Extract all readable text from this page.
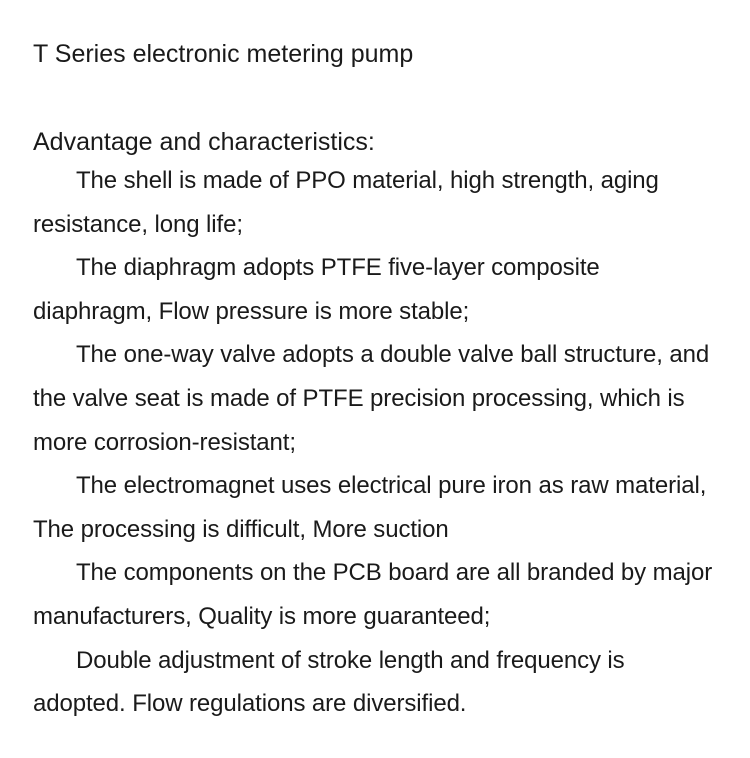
T Series electronic metering pump
Advantage and characteristics:
The shell is made of PPO material, high strength, aging resistance, long life;
The diaphragm adopts PTFE five-layer composite diaphragm, Flow pressure is more stable;
The one-way valve adopts a double valve ball structure, and the valve seat is made of PTFE precision processing, which is more corrosion-resistant;
The electromagnet uses electrical pure iron as raw material, The processing is difficult, More suction
The components on the PCB board are all branded by major manufacturers, Quality is more guaranteed;
Double adjustment of stroke length and frequency is adopted. Flow regulations are diversified.
